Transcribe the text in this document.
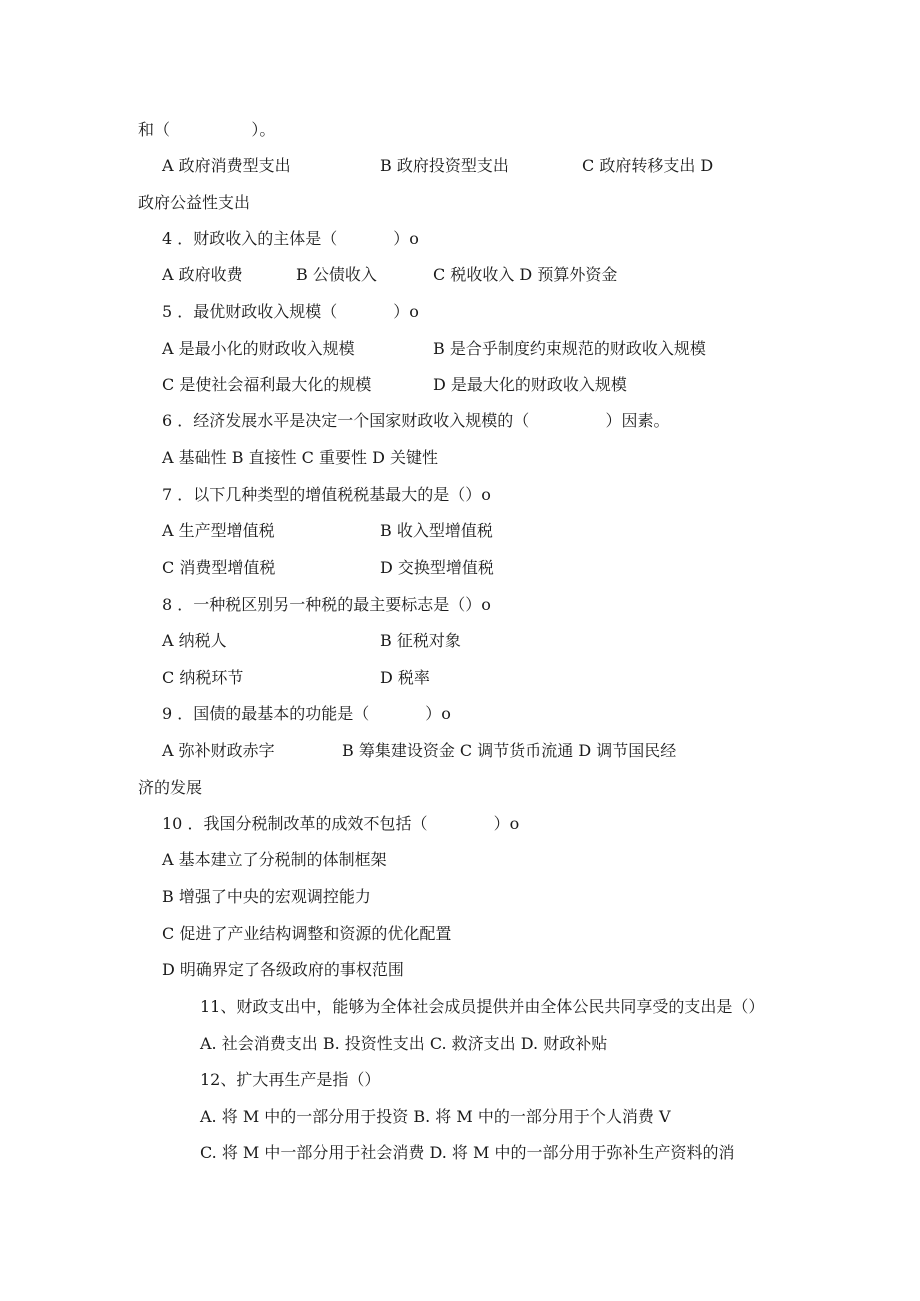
和（                ）。
A 政府消费型支出	B 政府投资型支出	C 政府转移支出 D
政府公益性支出
4 ．财政收入的主体是（           ）o
A 政府收费	B 公债收入	C 税收收入 D 预算外资金
5 ．最优财政收入规模（           ）o
A 是最小化的财政收入规模	B 是合乎制度约束规范的财政收入规模
C 是使社会福利最大化的规模	D 是最大化的财政收入规模
6 ．经济发展水平是决定一个国家财政收入规模的（               ）因素。
A 基础性 B 直接性 C 重要性 D 关键性
7 ．以下几种类型的增值税税基最大的是（）o
A 生产型增值税	B 收入型增值税
C 消费型增值税	D 交换型增值税
8 ．一种税区别另一种税的最主要标志是（）o
A 纳税人	B 征税对象
C 纳税环节	D 税率
9 ．国债的最基本的功能是（           ）o
A 弥补财政赤字	B 筹集建设资金 C 调节货币流通 D 调节国民经
济的发展
10 ．我国分税制改革的成效不包括（             ）o
A 基本建立了分税制的体制框架
B 增强了中央的宏观调控能力
C 促进了产业结构调整和资源的优化配置
D 明确界定了各级政府的事权范围
11、财政支出中，能够为全体社会成员提供并由全体公民共同享受的支出是（）
A. 社会消费支出 B. 投资性支出 C. 救济支出 D. 财政补贴
12、扩大再生产是指（）
A. 将 M 中的一部分用于投资 B. 将 M 中的一部分用于个人消费 V
C. 将 M 中一部分用于社会消费 D. 将 M 中的一部分用于弥补生产资料的消
